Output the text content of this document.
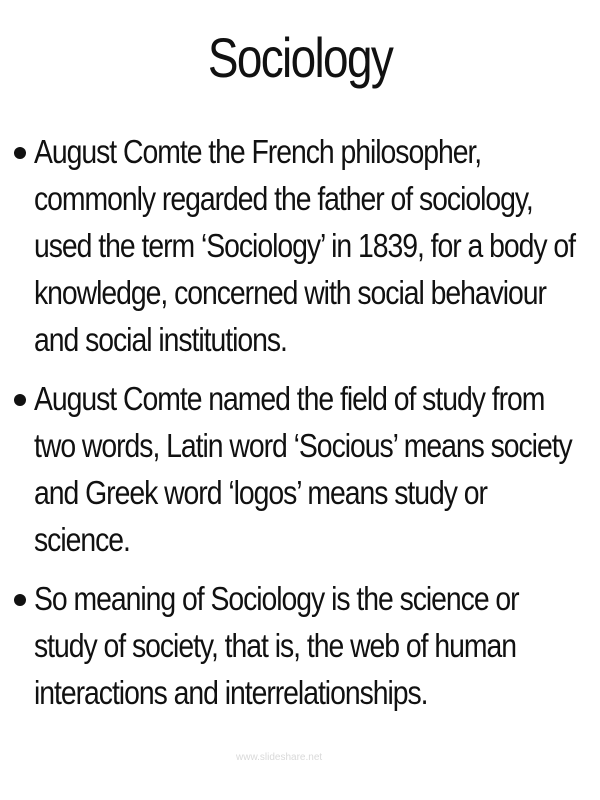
Sociology
August Comte the French philosopher, commonly regarded the father of sociology, used the term ‘Sociology’ in 1839, for a body of knowledge, concerned with social behaviour and social institutions.
August Comte named the field of study from two words, Latin word ‘Socious’ means society and Greek word ‘logos’ means study or science.
So meaning of Sociology is the science or study of society, that is, the web of human interactions and interrelationships.
www.slideshare.net
